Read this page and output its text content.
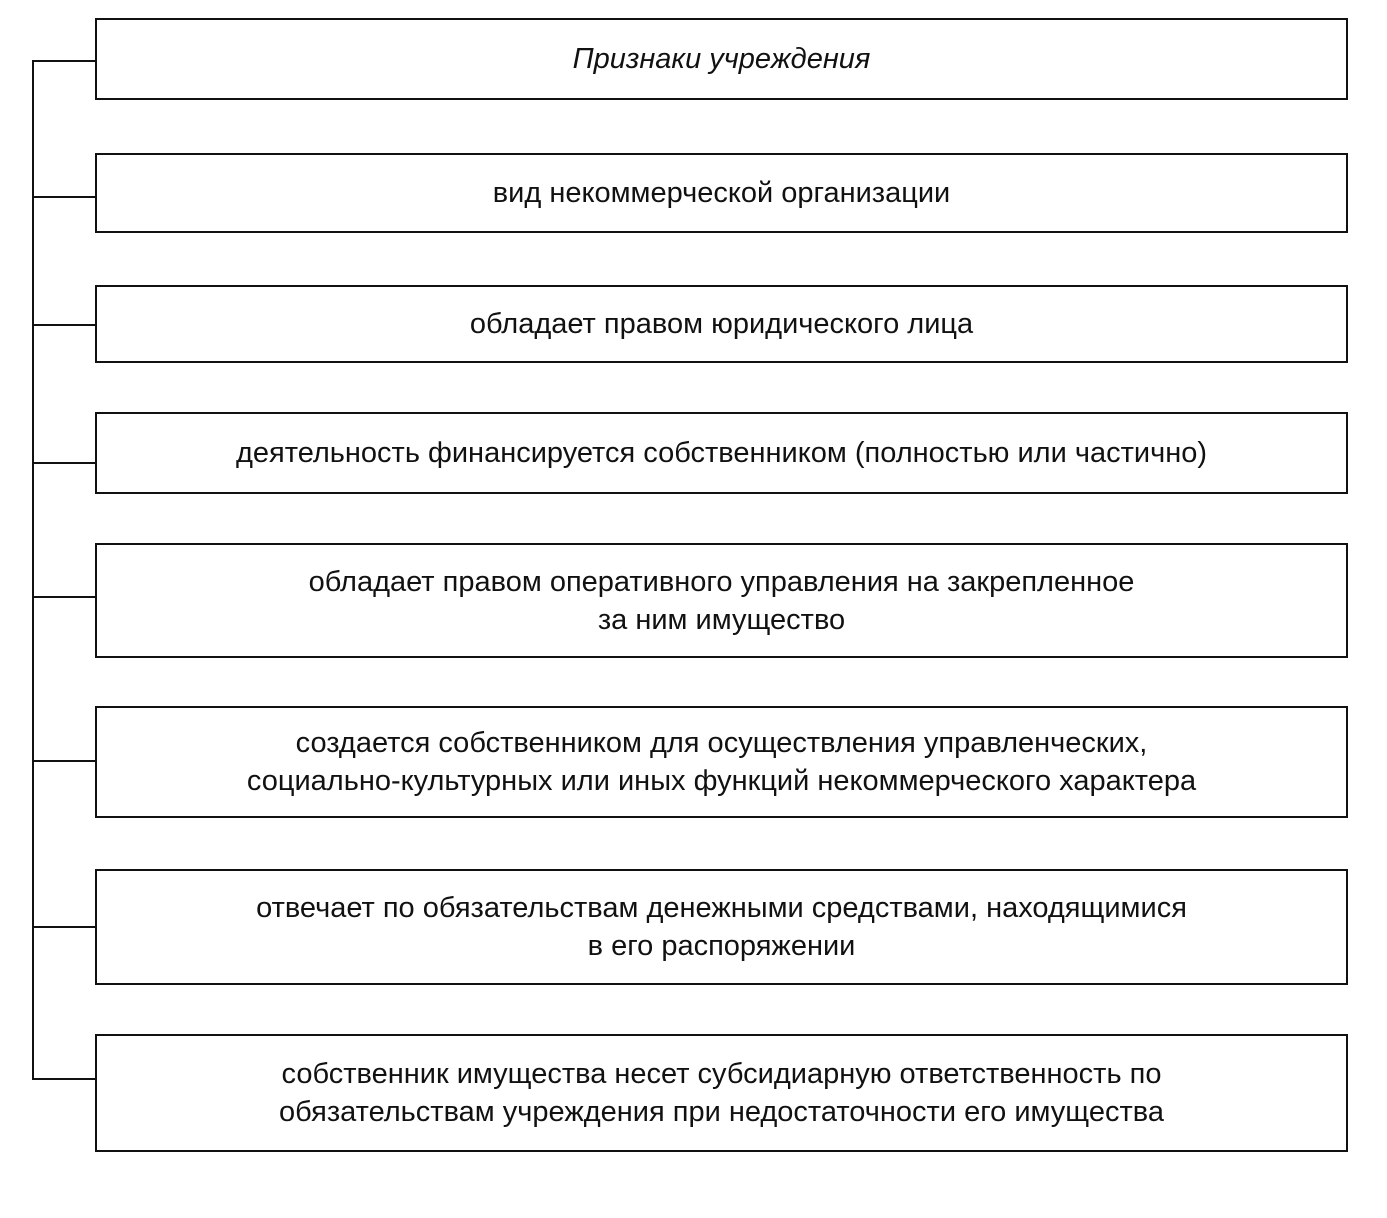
Признаки учреждения
вид некоммерческой организации
обладает правом юридического лица
деятельность финансируется собственником (полностью или частично)
обладает правом оперативного управления на закрепленное
за ним имущество
создается собственником для осуществления управленческих,
социально-культурных или иных функций некоммерческого характера
отвечает по обязательствам денежными средствами, находящимися
в его распоряжении
собственник имущества несет субсидиарную ответственность по
обязательствам учреждения при недостаточности его имущества
